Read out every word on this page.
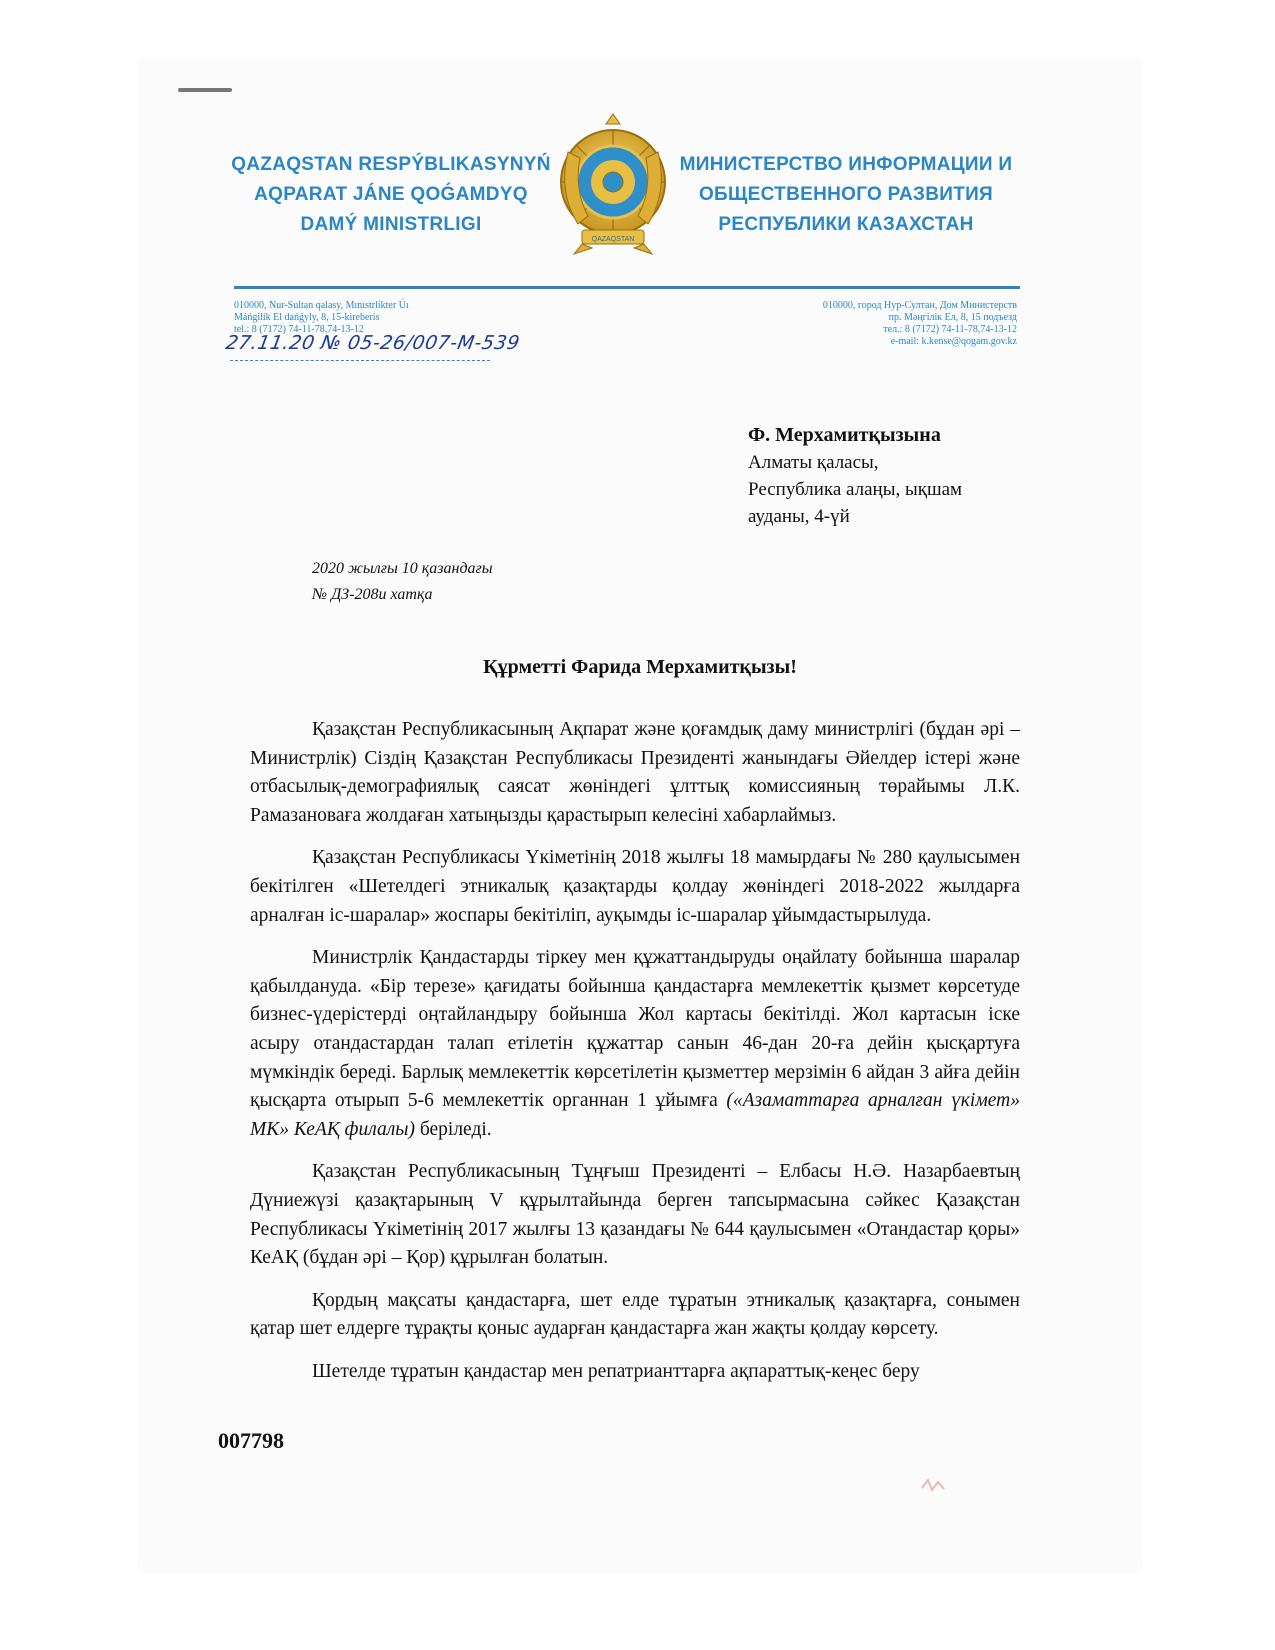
QAZAQSTAN RESPÝBLIKASYNYŃ
AQPARAT JÁNE QOǴAMDYQ
DAMÝ MINISTRLIGI
QAZAQSTAN
МИНИСТЕРСТВО ИНФОРМАЦИИ И
ОБЩЕСТВЕННОГО РАЗВИТИЯ
РЕСПУБЛИКИ КАЗАХСТАН
010000, Nur-Sultan qalasy, Mınıstrlikter Úı
Máńgilik El dańǵyly, 8, 15-kireberis
tel.: 8 (7172) 74-11-78,74-13-12
010000, город Нур-Султан, Дом Министерств
пр. Мәңгілік Ел, 8, 15 подъезд
тел.: 8 (7172) 74-11-78,74-13-12
e-mail: k.kense@qogam.gov.kz
27.11.20 № 05-26/007-М-539
Ф. Мерхамитқызына
Алматы қаласы,
Республика алаңы, ықшам
ауданы, 4-үй
2020 жылғы 10 қазандағы
№ ДЗ-208и хатқа
Құрметті Фарида Мерхамитқызы!

Қазақстан Республикасының Ақпарат және қоғамдық даму министрлігі (бұдан әрі – Министрлік) Сіздің Қазақстан Республикасы Президенті жанындағы Әйелдер істері және отбасылық-демографиялық саясат жөніндегі ұлттық комиссияның төрайымы Л.К. Рамазановаға жолдаған хатыңызды қарастырып келесіні хабарлаймыз.

Қазақстан Республикасы Үкіметінің 2018 жылғы 18 мамырдағы № 280 қаулысымен бекітілген «Шетелдегі этникалық қазақтарды қолдау жөніндегі 2018-2022 жылдарға арналған іс-шаралар» жоспары бекітіліп, ауқымды іс-шаралар ұйымдастырылуда.

Министрлік Қандастарды тіркеу мен құжаттандыруды оңайлату бойынша шаралар қабылдануда. «Бір терезе» қағидаты бойынша қандастарға мемлекеттік қызмет көрсетуде бизнес-үдерістерді оңтайландыру бойынша Жол картасы бекітілді. Жол картасын іске асыру отандастардан талап етілетін құжаттар санын 46-дан 20-ға дейін қысқартуға мүмкіндік береді. Барлық мемлекеттік көрсетілетін қызметтер мерзімін 6 айдан 3 айға дейін қысқарта отырып 5-6 мемлекеттік органнан 1 ұйымға («Азаматтарға арналған үкімет» МК» КеАҚ филалы) беріледі.

Қазақстан Республикасының Тұңғыш Президенті – Елбасы Н.Ә. Назарбаевтың Дүниежүзі қазақтарының V құрылтайында берген тапсырмасына сәйкес Қазақстан Республикасы Үкіметінің 2017 жылғы 13 қазандағы № 644 қаулысымен «Отандастар қоры» КеАҚ (бұдан әрі – Қор) құрылған болатын.

Қордың мақсаты қандастарға, шет елде тұратын этникалық қазақтарға, сонымен қатар шет елдерге тұрақты қоныс аударған қандастарға жан жақты қолдау көрсету.

Шетелде тұратын қандастар мен репатрианттарға ақпараттық-кеңес беру

007798
